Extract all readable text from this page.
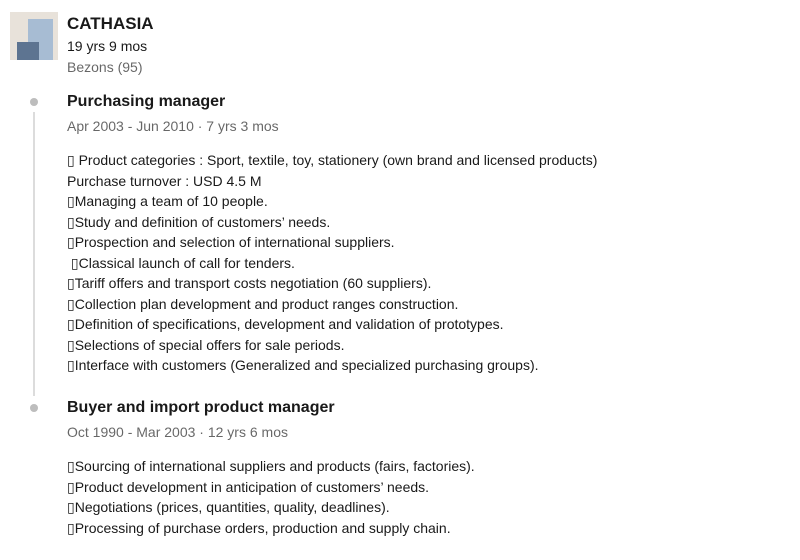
CATHASIA
19 yrs 9 mos
Bezons (95)
Purchasing manager
Apr 2003 - Jun 2010 · 7 yrs 3 mos
▯ Product categories : Sport, textile, toy, stationery (own brand and licensed products)
Purchase turnover : USD 4.5 M
▯Managing a team of 10 people.
▯Study and definition of customers’ needs.
▯Prospection and selection of international suppliers.
▯Classical launch of call for tenders.
▯Tariff offers and transport costs negotiation (60 suppliers).
▯Collection plan development and product ranges construction.
▯Definition of specifications, development and validation of prototypes.
▯Selections of special offers for sale periods.
▯Interface with customers (Generalized and specialized purchasing groups).
Buyer and import product manager
Oct 1990 - Mar 2003 · 12 yrs 6 mos
▯Sourcing of international suppliers and products (fairs, factories).
▯Product development in anticipation of customers’ needs.
▯Negotiations (prices, quantities, quality, deadlines).
▯Processing of purchase orders, production and supply chain.
